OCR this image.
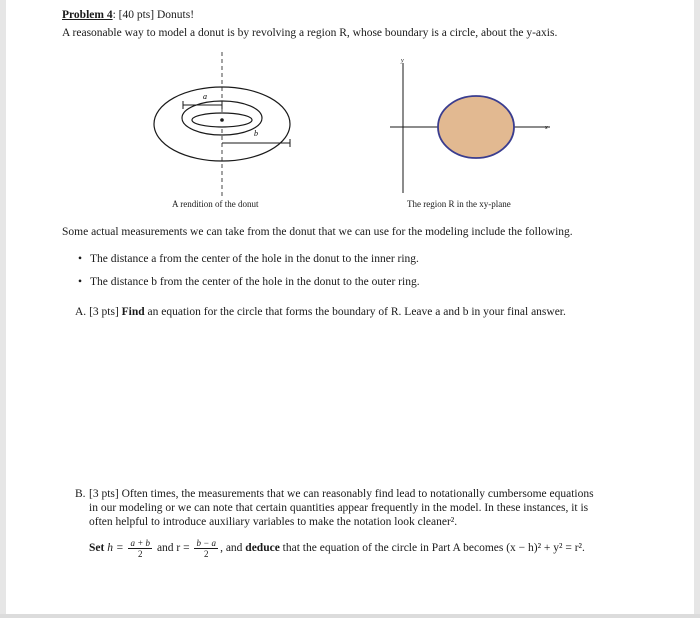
Problem 4: [40 pts] Donuts!
A reasonable way to model a donut is by revolving a region R, whose boundary is a circle, about the y-axis.
a
b
A rendition of the donut
y
x
The region R in the xy-plane
Some actual measurements we can take from the donut that we can use for the modeling include the following.
• The distance a from the center of the hole in the donut to the inner ring.
• The distance b from the center of the hole in the donut to the outer ring.
A. [3 pts] Find an equation for the circle that forms the boundary of R. Leave a and b in your final answer.
B. [3 pts] Often times, the measurements that we can reasonably find lead to notationally cumbersome equations
in our modeling or we can note that certain quantities appear frequently in the model. In these instances, it is
often helpful to introduce auxiliary variables to make the notation look cleaner².
Set $h = \frac{a + b}{2}$ and $r = \frac{b - a}{2}$ , and deduce that the equation of the circle in Part A becomes (x − h)² + y² = r².
